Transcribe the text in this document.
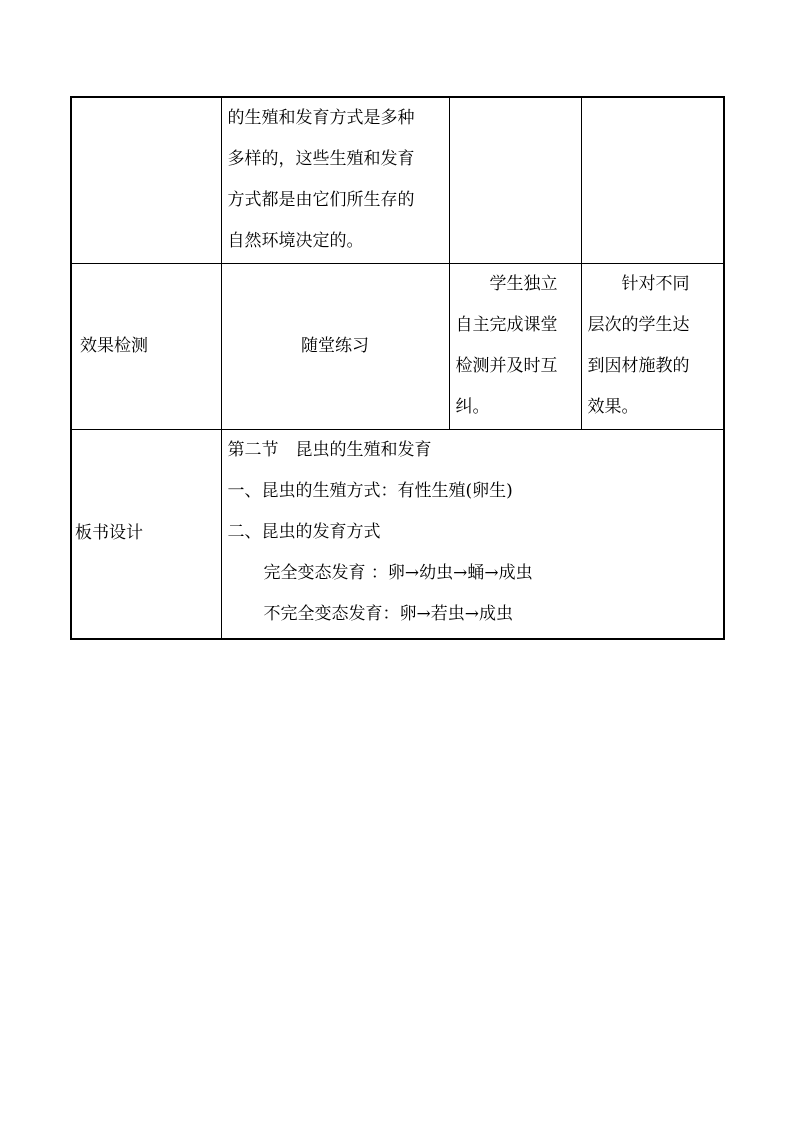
	的生殖和发育方式是多种
多样的，这些生殖和发育
方式都是由它们所生存的
自然环境决定的。		

效果检测	随堂练习	学生独立
自主完成课堂
检测并及时互
纠。	针对不同
层次的学生达
到因材施教的
效果。

板书设计	第二节　昆虫的生殖和发育
一、昆虫的生殖方式：有性生殖(卵生)
二、昆虫的发育方式
完全变态发育 ：卵→幼虫→蛹→成虫
不完全变态发育：卵→若虫→成虫		
